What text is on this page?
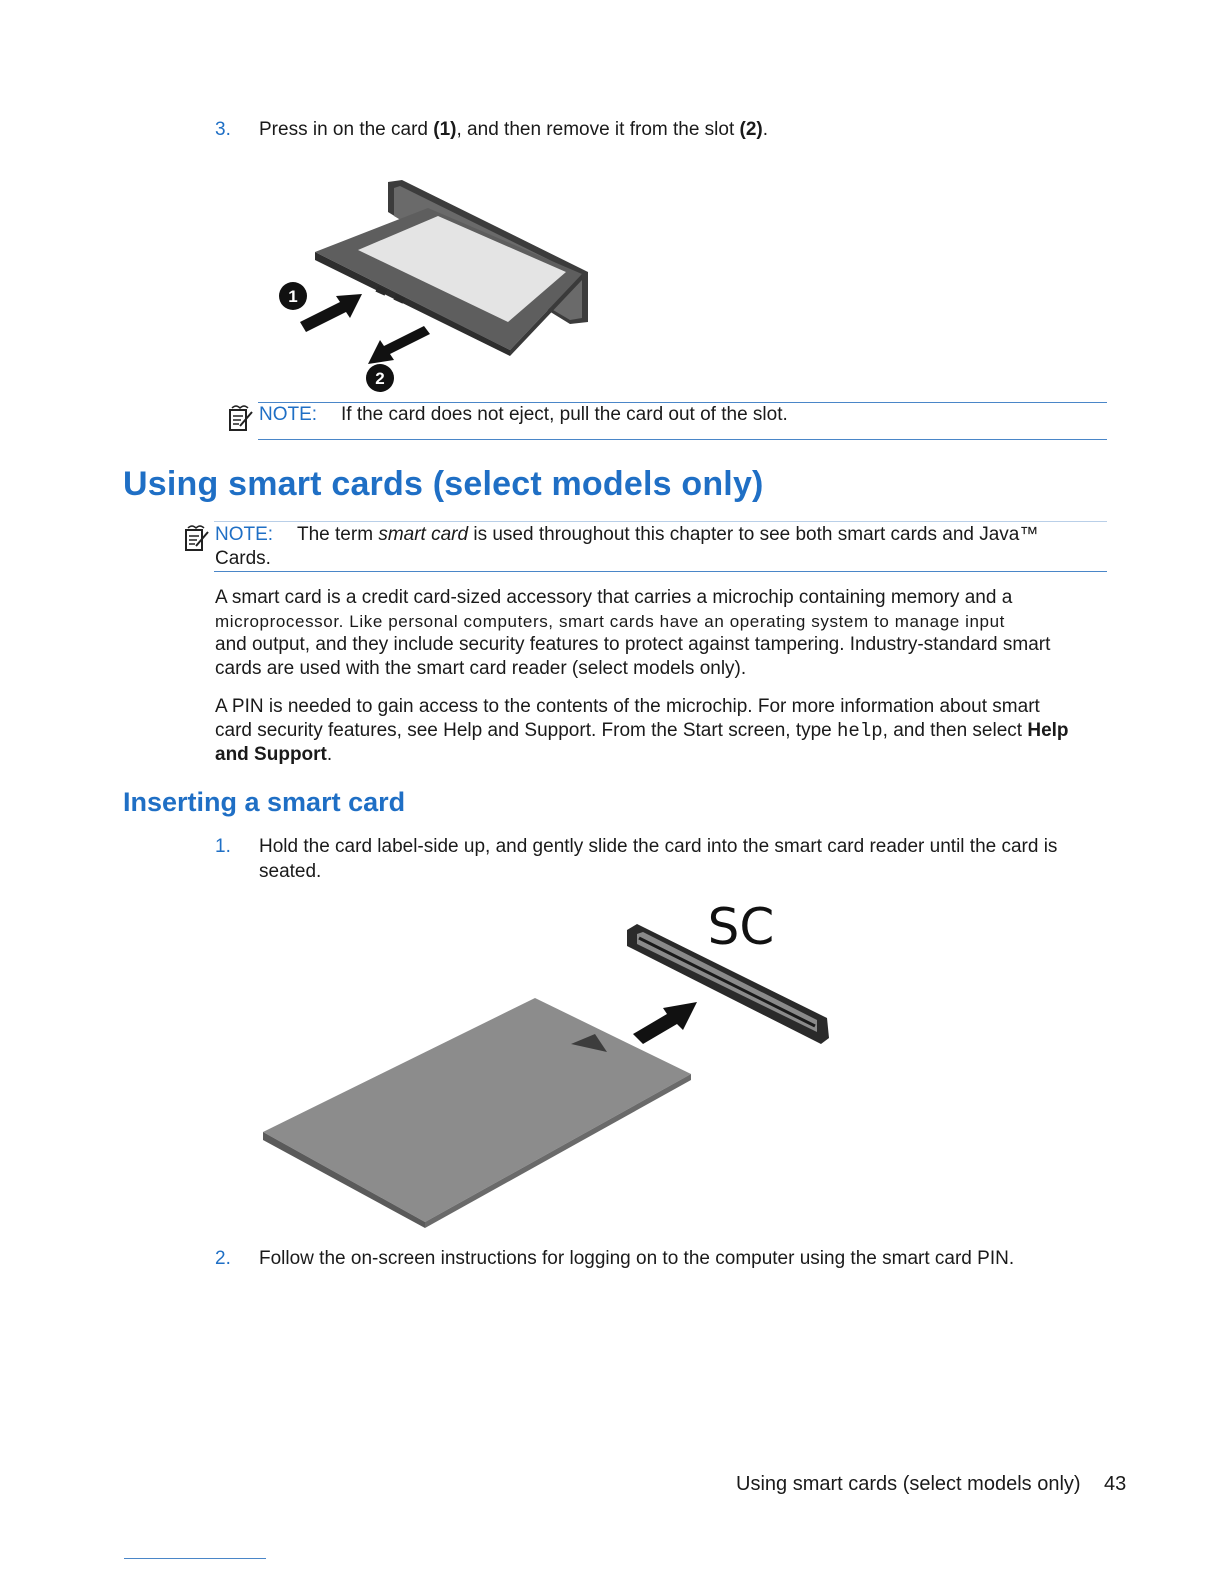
3. Press in on the card (1), and then remove it from the slot (2).
1
2
NOTE: If the card does not eject, pull the card out of the slot.
Using smart cards (select models only)
NOTE: The term smart card is used throughout this chapter to see both smart cards and Java™
Cards.
A smart card is a credit card-sized accessory that carries a microchip containing memory and a
microprocessor. Like personal computers, smart cards have an operating system to manage input
and output, and they include security features to protect against tampering. Industry-standard smart
cards are used with the smart card reader (select models only).
A PIN is needed to gain access to the contents of the microchip. For more information about smart
card security features, see Help and Support. From the Start screen, type help, and then select Help
and Support.
Inserting a smart card
1. Hold the card label-side up, and gently slide the card into the smart card reader until the card is
seated.
SC
2. Follow the on-screen instructions for logging on to the computer using the smart card PIN.
Using smart cards (select models only) 43
